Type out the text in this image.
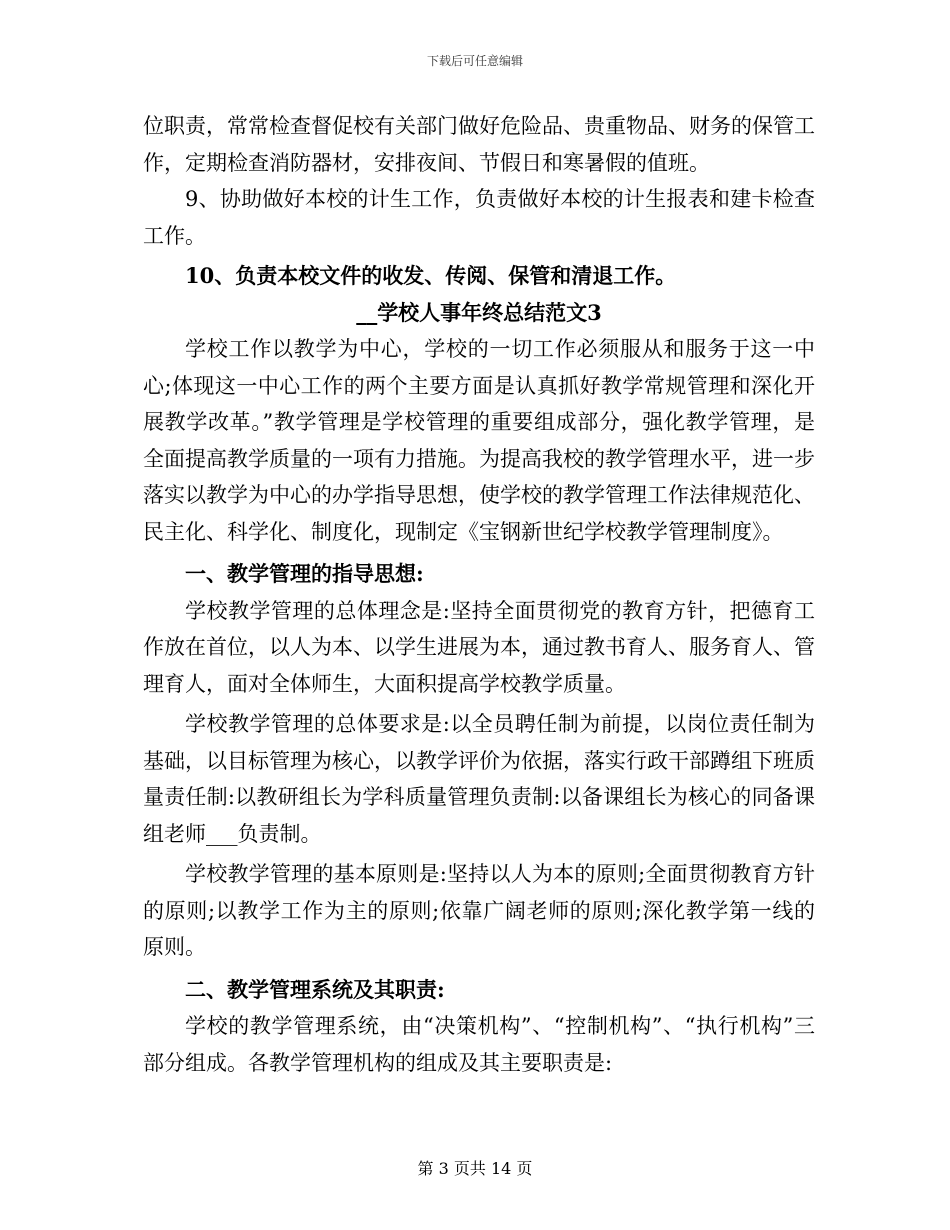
下载后可任意编辑

位职责，常常检查督促校有关部门做好危险品、贵重物品、财务的保管工作，定期检查消防器材，安排夜间、节假日和寒暑假的值班。

9、协助做好本校的计生工作，负责做好本校的计生报表和建卡检查工作。

10、负责本校文件的收发、传阅、保管和清退工作。

__学校人事年终总结范文3

学校工作以教学为中心，学校的一切工作必须服从和服务于这一中心;体现这一中心工作的两个主要方面是认真抓好教学常规管理和深化开展教学改革。”教学管理是学校管理的重要组成部分，强化教学管理，是全面提高教学质量的一项有力措施。为提高我校的教学管理水平，进一步落实以教学为中心的办学指导思想，使学校的教学管理工作法律规范化、民主化、科学化、制度化，现制定《宝钢新世纪学校教学管理制度》。

一、教学管理的指导思想:

学校教学管理的总体理念是:坚持全面贯彻党的教育方针，把德育工作放在首位，以人为本、以学生进展为本，通过教书育人、服务育人、管理育人，面对全体师生，大面积提高学校教学质量。

学校教学管理的总体要求是:以全员聘任制为前提，以岗位责任制为基础，以目标管理为核心，以教学评价为依据，落实行政干部蹲组下班质量责任制:以教研组长为学科质量管理负责制:以备课组长为核心的同备课组老师___负责制。

学校教学管理的基本原则是:坚持以人为本的原则;全面贯彻教育方针的原则;以教学工作为主的原则;依靠广阔老师的原则;深化教学第一线的原则。

二、教学管理系统及其职责:

学校的教学管理系统，由“决策机构”、“控制机构”、“执行机构”三部分组成。各教学管理机构的组成及其主要职责是:

第 3 页共 14 页
